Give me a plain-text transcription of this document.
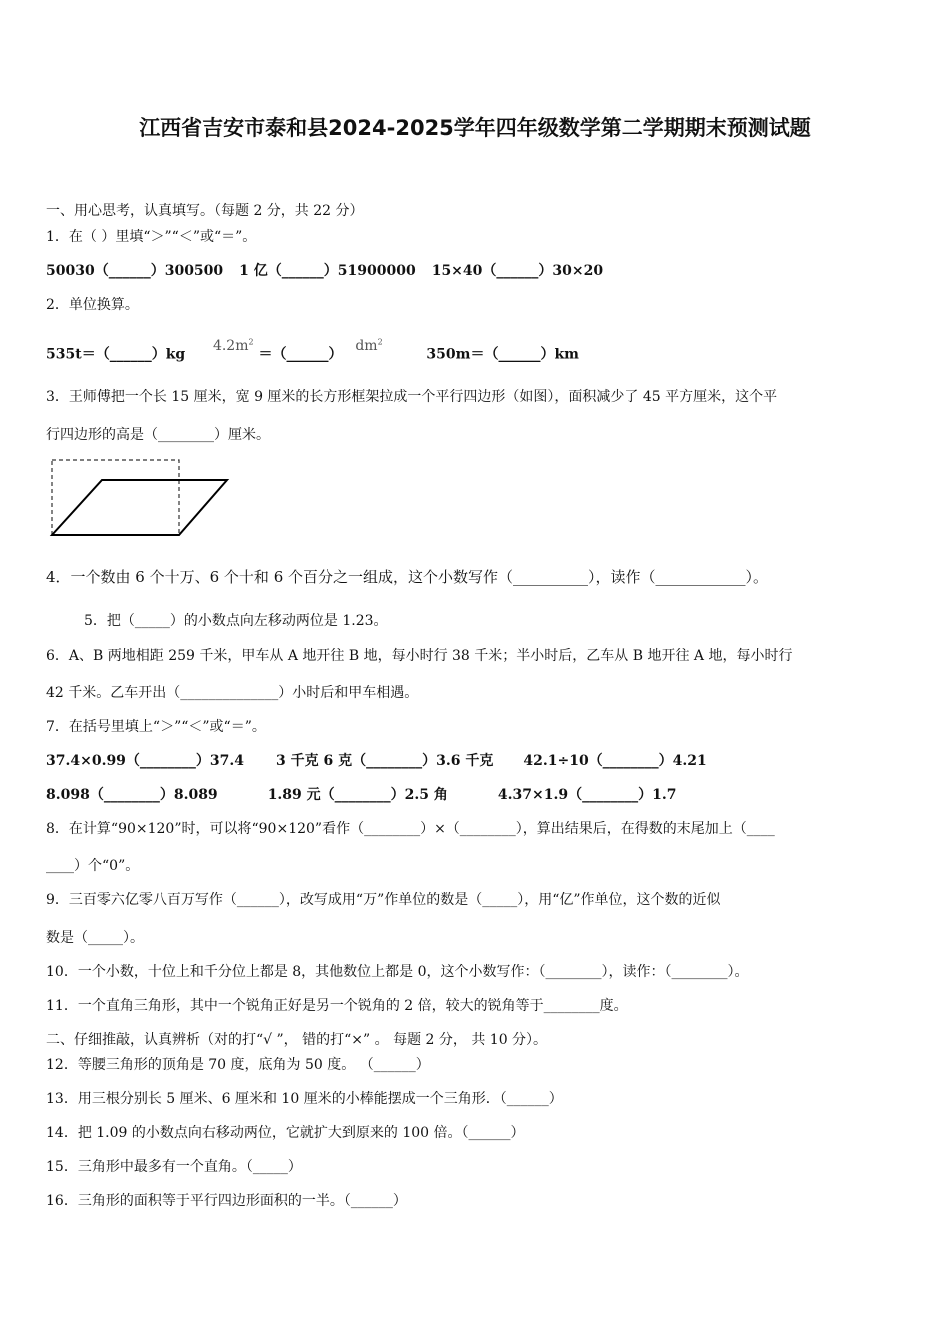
江西省吉安市泰和县2024-2025学年四年级数学第二学期期末预测试题
一、用心思考，认真填写。（每题 2 分，共 22 分）
1．在（ ）里填“＞”“＜”或“＝”。
50030（______）300500 1 亿（______）51900000 15×40（______）30×20
2．单位换算。
535t＝（______）kg  $4.2m^2$ ＝（______） $dm^2$  350m＝（______）km
3．王师傅把一个长 15 厘米，宽 9 厘米的长方形框架拉成一个平行四边形（如图），面积减少了 45 平方厘米，这个平
行四边形的高是（________）厘米。
4．一个数由 6 个十万、6 个十和 6 个百分之一组成，这个小数写作（__________），读作（____________）。
5．把（_____）的小数点向左移动两位是 1.23。
6．A、B 两地相距 259 千米，甲车从 A 地开往 B 地，每小时行 38 千米；半小时后，乙车从 B 地开往 A 地，每小时行
42 千米。乙车开出（______________）小时后和甲车相遇。
7．在括号里填上“＞”“＜”或“＝”。
37.4×0.99（________）37.4 3 千克 6 克（________）3.6 千克 42.1÷10（________）4.21
8.098（________）8.089	1.89 元（________）2.5 角	4.37×1.9（________）1.7
8．在计算“90×120”时，可以将“90×120”看作（________）×（________），算出结果后，在得数的末尾加上（____
____）个“0”。
9．三百零六亿零八百万写作（______），改写成用“万”作单位的数是（_____），用“亿”作单位，这个数的近似
数是（_____）。
10．一个小数，十位上和千分位上都是 8，其他数位上都是 0，这个小数写作：（________），读作：（________）。
11．一个直角三角形，其中一个锐角正好是另一个锐角的 2 倍，较大的锐角等于________度。
二、仔细推敲，认真辨析（对的打“√ ”， 错的打“×” 。 每题 2 分， 共 10 分）。
12．等腰三角形的顶角是 70 度，底角为 50 度。 （______）
13．用三根分别长 5 厘米、6 厘米和 10 厘米的小棒能摆成一个三角形．（______）
14．把 1.09 的小数点向右移动两位，它就扩大到原来的 100 倍。（______）
15．三角形中最多有一个直角。（_____）
16．三角形的面积等于平行四边形面积的一半。（______）
